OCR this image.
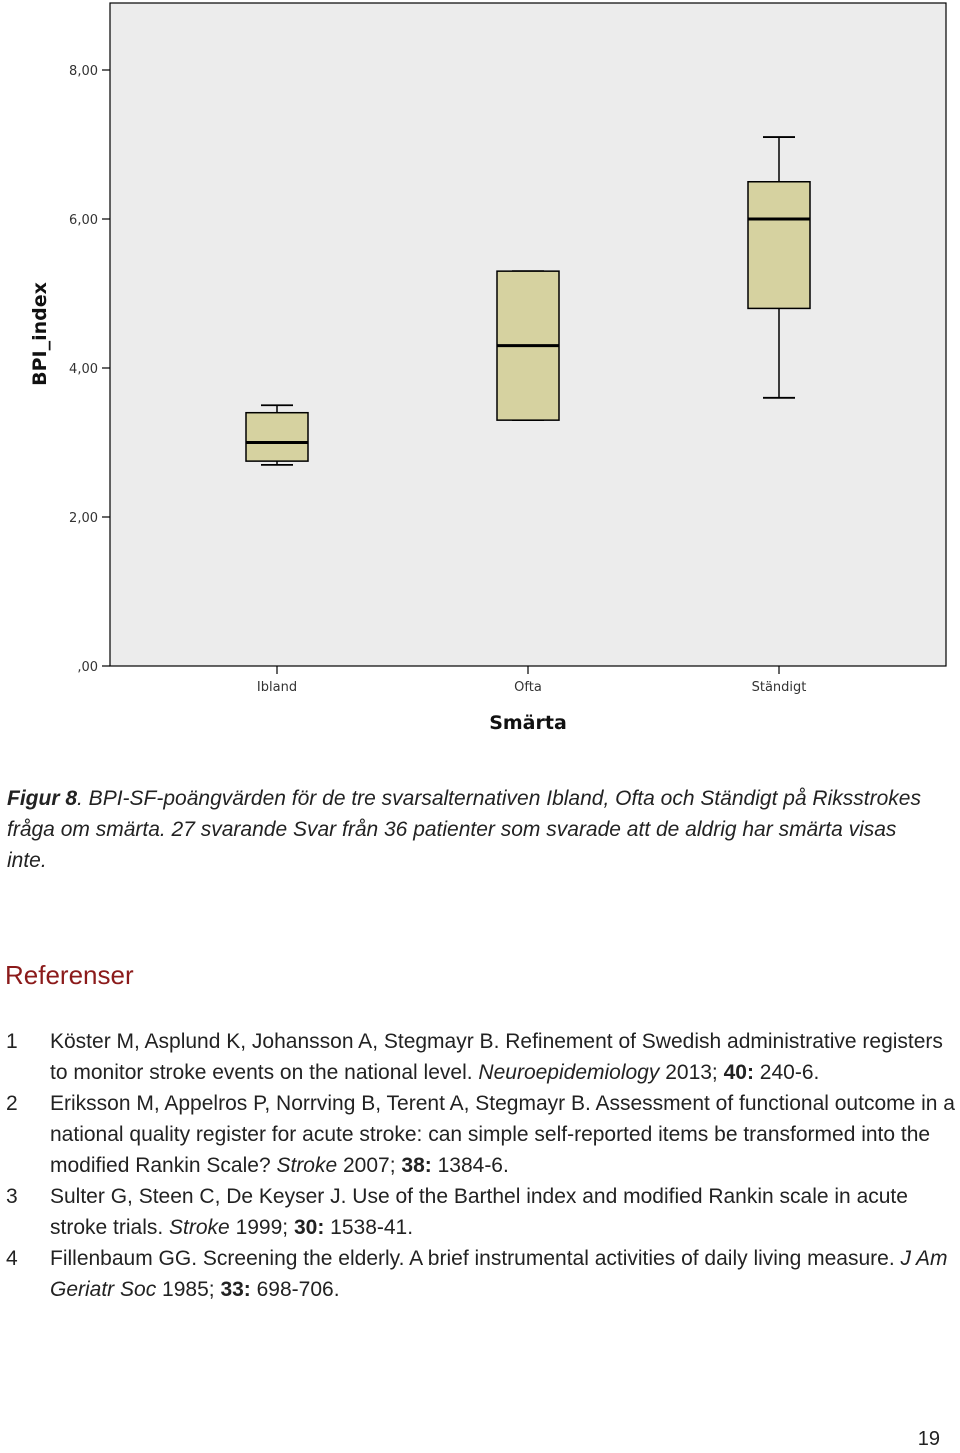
,00
2,00
4,00
6,00
8,00
Ibland	Ofta	Ständigt
Smärta
BPI_index
Figur 8. BPI-SF-poängvärden för de tre svarsalternativen Ibland, Ofta och Ständigt på Riksstrokes fråga om smärta. 27 svarande Svar från 36 patienter som svarade att de aldrig har smärta visas inte.
Referenser
1	Köster M, Asplund K, Johansson A, Stegmayr B. Refinement of Swedish administrative registers to monitor stroke events on the national level. Neuroepidemiology 2013; 40: 240-6.
2	Eriksson M, Appelros P, Norrving B, Terent A, Stegmayr B. Assessment of functional outcome in a national quality register for acute stroke: can simple self-reported items be transformed into the modified Rankin Scale? Stroke 2007; 38: 1384-6.
3	Sulter G, Steen C, De Keyser J. Use of the Barthel index and modified Rankin scale in acute stroke trials. Stroke 1999; 30: 1538-41.
4	Fillenbaum GG. Screening the elderly. A brief instrumental activities of daily living measure. J Am Geriatr Soc 1985; 33: 698-706.
19
